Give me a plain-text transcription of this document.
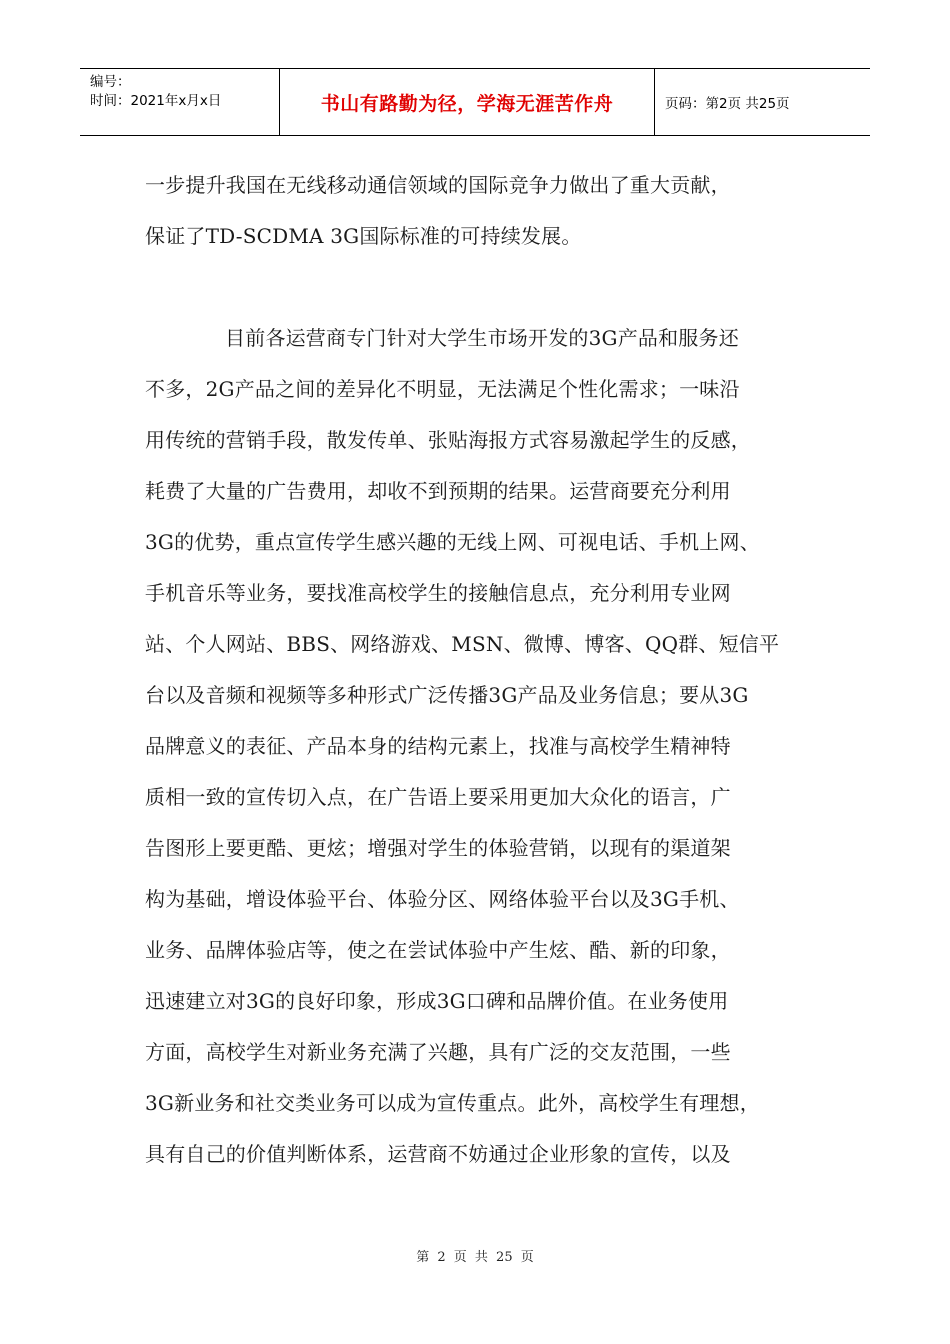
编号：
时间：2021年x月x日	书山有路勤为径，学海无涯苦作舟	页码：第2页 共25页
一步提升我国在无线移动通信领域的国际竞争力做出了重大贡献，
保证了TD-SCDMA 3G国际标准的可持续发展。
目前各运营商专门针对大学生市场开发的3G产品和服务还
不多，2G产品之间的差异化不明显，无法满足个性化需求；一味沿
用传统的营销手段，散发传单、张贴海报方式容易激起学生的反感，
耗费了大量的广告费用，却收不到预期的结果。运营商要充分利用
3G的优势，重点宣传学生感兴趣的无线上网、可视电话、手机上网、
手机音乐等业务，要找准高校学生的接触信息点，充分利用专业网
站、个人网站、BBS、网络游戏、MSN、微博、博客、QQ群、短信平
台以及音频和视频等多种形式广泛传播3G产品及业务信息；要从3G
品牌意义的表征、产品本身的结构元素上，找准与高校学生精神特
质相一致的宣传切入点，在广告语上要采用更加大众化的语言，广
告图形上要更酷、更炫；增强对学生的体验营销，以现有的渠道架
构为基础，增设体验平台、体验分区、网络体验平台以及3G手机、
业务、品牌体验店等，使之在尝试体验中产生炫、酷、新的印象，
迅速建立对3G的良好印象，形成3G口碑和品牌价值。在业务使用
方面，高校学生对新业务充满了兴趣，具有广泛的交友范围，一些
3G新业务和社交类业务可以成为宣传重点。此外，高校学生有理想，
具有自己的价值判断体系，运营商不妨通过企业形象的宣传，以及
第 2 页 共 25 页
